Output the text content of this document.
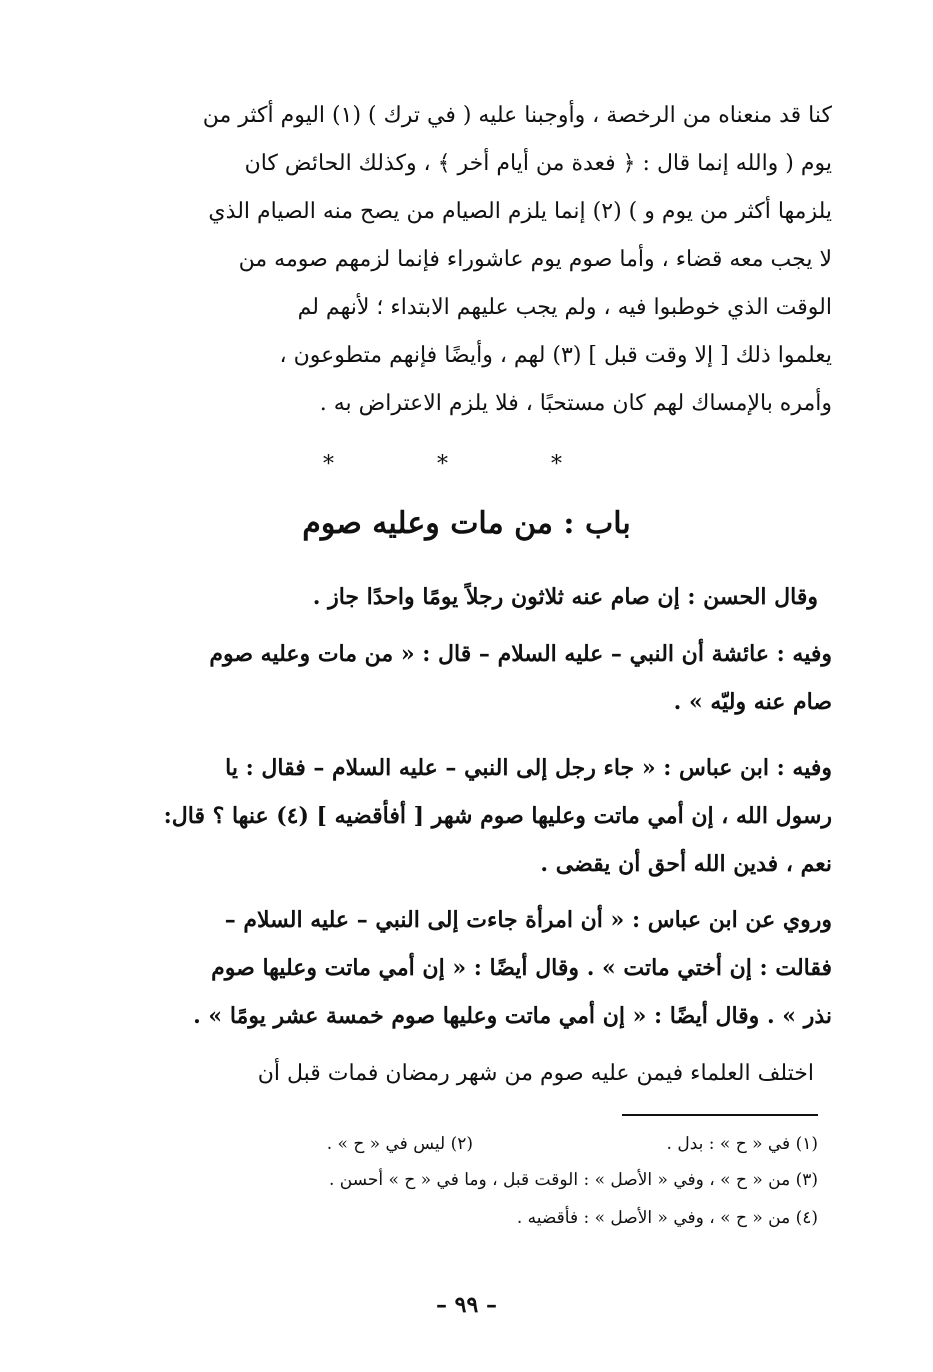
كنا قد منعناه من الرخصة ، وأوجبنا عليه ( في ترك ) (١) اليوم أكثر من
يوم ( والله إنما قال : ﴿ فعدة من أيام أخر ﴾ ، وكذلك الحائض كان
يلزمها أكثر من يوم و ) (٢) إنما يلزم الصيام من يصح منه الصيام الذي
لا يجب معه قضاء ، وأما صوم يوم عاشوراء فإنما لزمهم صومه من
الوقت الذي خوطبوا فيه ، ولم يجب عليهم الابتداء ؛ لأنهم لم
يعلموا ذلك [ إلا وقت قبل ] (٣) لهم ، وأيضًا فإنهم متطوعون ،
وأمره بالإمساك لهم كان مستحبًا ، فلا يلزم الاعتراض به .
* * *
باب : من مات وعليه صوم
وقال الحسن : إن صام عنه ثلاثون رجلاً يومًا واحدًا جاز .
وفيه : عائشة أن النبي – عليه السلام – قال : « من مات وعليه صوم
صام عنه وليّه » .
وفيه : ابن عباس : « جاء رجل إلى النبي – عليه السلام – فقال : يا
رسول الله ، إن أمي ماتت وعليها صوم شهر [ أفأقضيه ] (٤) عنها ؟ قال:
نعم ، فدين الله أحق أن يقضى .
وروي عن ابن عباس : « أن امرأة جاءت إلى النبي – عليه السلام –
فقالت : إن أختي ماتت » . وقال أيضًا : « إن أمي ماتت وعليها صوم
نذر » . وقال أيضًا : « إن أمي ماتت وعليها صوم خمسة عشر يومًا » .
اختلف العلماء فيمن عليه صوم من شهر رمضان فمات قبل أن

(١) في « ح » : بدل .

(٢) ليس في « ح » .

(٣) من « ح » ، وفي « الأصل » : الوقت قبل ، وما في « ح » أحسن .

(٤) من « ح » ، وفي « الأصل » : فأقضيه .

– ٩٩ –
